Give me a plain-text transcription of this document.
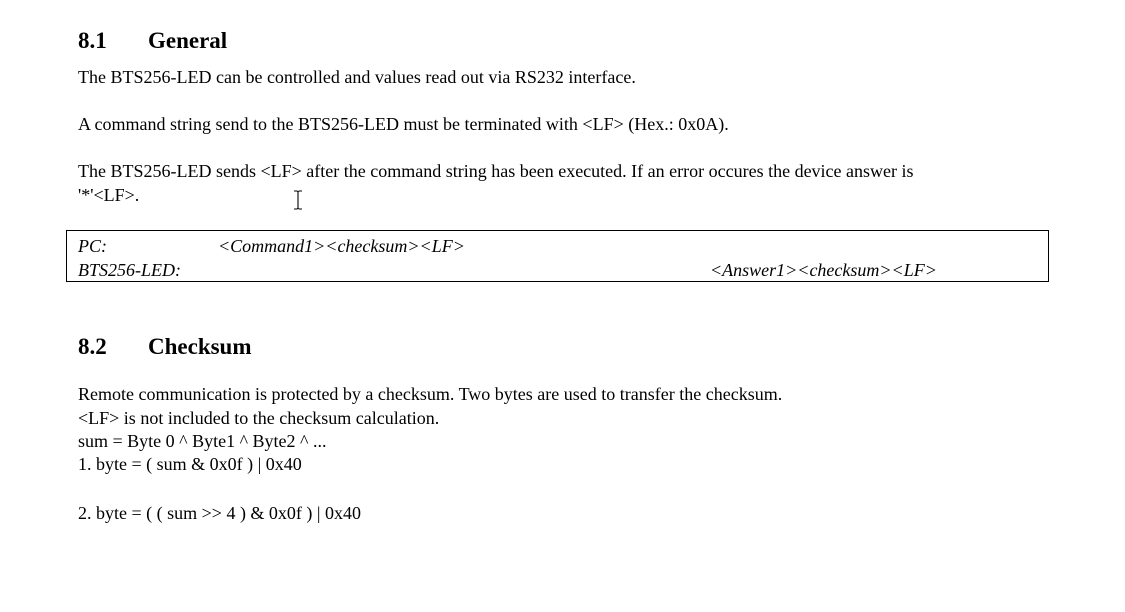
8.1 General
The BTS256-LED can be controlled and values read out via RS232 interface.
A command string send to the BTS256-LED must be terminated with <LF> (Hex.: 0x0A).
The BTS256-LED sends <LF> after the command string has been executed. If an error occures the device answer is
'*'<LF>.
PC:	<Command1><checksum><LF>
BTS256-LED:	<Answer1><checksum><LF>
8.2 Checksum
Remote communication is protected by a checksum. Two bytes are used to transfer the checksum.
<LF> is not included to the checksum calculation.
sum = Byte 0 ^ Byte1 ^ Byte2 ^ ...
1. byte = ( sum & 0x0f ) | 0x40
2. byte = ( ( sum >> 4 ) & 0x0f ) | 0x40
